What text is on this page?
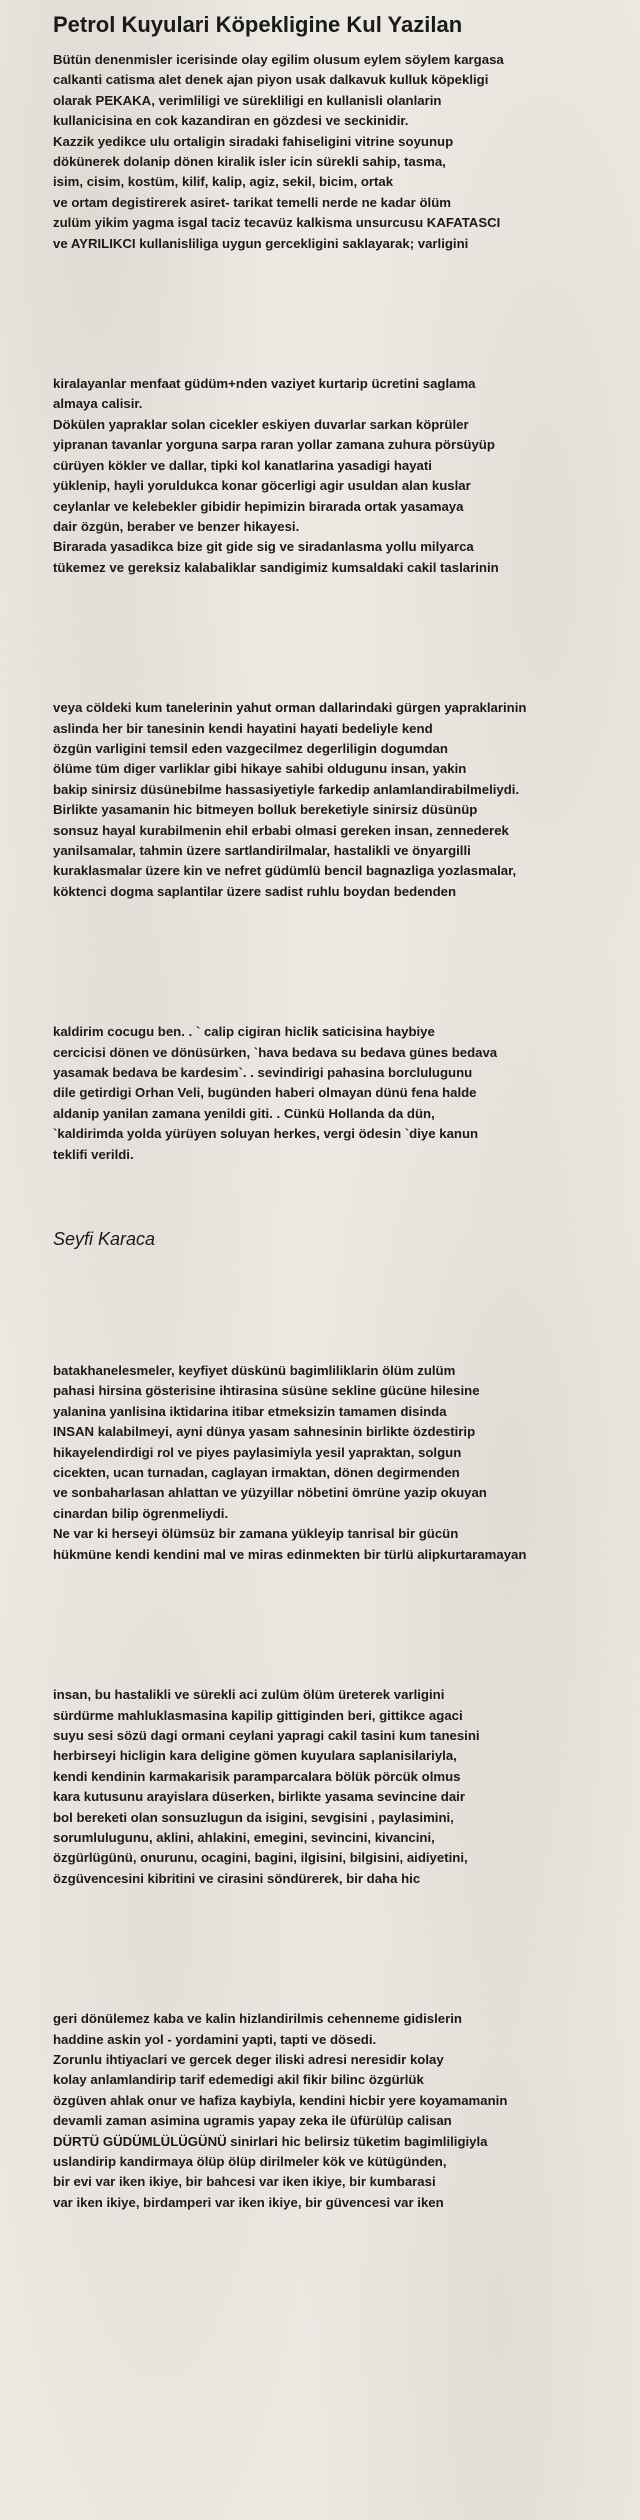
Petrol Kuyulari Köpekligine Kul Yazilan
Bütün denenmisler icerisinde olay egilim olusum eylem söylem kargasa
calkanti catisma alet denek ajan piyon usak dalkavuk kulluk köpekligi
olarak PEKAKA, verimliligi ve sürekliligi en kullanisli olanlarin
kullanicisina en cok kazandiran en gözdesi ve seckinidir.
Kazzik yedikce ulu ortaligin siradaki fahiseligini vitrine soyunup
dökünerek dolanip dönen kiralik isler icin sürekli sahip, tasma,
isim, cisim, kostüm, kilif, kalip, agiz, sekil, bicim, ortak
ve ortam degistirerek asiret- tarikat temelli nerde ne kadar ölüm
zulüm yikim yagma isgal taciz tecavüz kalkisma unsurcusu KAFATASCI
ve AYRILIKCI kullanisliliga uygun gercekligini saklayarak; varligini
kiralayanlar menfaat güdüm+nden vaziyet kurtarip ücretini saglama
almaya calisir.
Dökülen yapraklar solan cicekler eskiyen duvarlar sarkan köprüler
yipranan tavanlar yorguna sarpa raran yollar zamana zuhura pörsüyüp
cürüyen kökler ve dallar, tipki kol kanatlarina yasadigi hayati
yüklenip, hayli yoruldukca konar göcerligi agir usuldan alan kuslar
ceylanlar ve kelebekler gibidir hepimizin birarada ortak yasamaya
dair özgün, beraber ve benzer hikayesi.
Birarada yasadikca bize git gide sig ve siradanlasma yollu milyarca
tükemez ve gereksiz kalabaliklar sandigimiz kumsaldaki cakil taslarinin
veya cöldeki kum tanelerinin yahut orman dallarindaki gürgen yapraklarinin
aslinda her bir tanesinin kendi hayatini hayati bedeliyle kend
özgün varligini temsil eden vazgecilmez degerliligin dogumdan
ölüme tüm diger varliklar gibi hikaye sahibi oldugunu insan, yakin
bakip sinirsiz düsünebilme hassasiyetiyle farkedip anlamlandirabilmeliydi.
Birlikte yasamanin hic bitmeyen bolluk bereketiyle sinirsiz düsünüp
sonsuz hayal kurabilmenin ehil erbabi olmasi gereken insan, zennederek
yanilsamalar, tahmin üzere sartlandirilmalar, hastalikli ve önyargilli
kuraklasmalar üzere kin ve nefret güdümlü bencil bagnazliga yozlasmalar,
köktenci dogma saplantilar üzere sadist ruhlu boydan bedenden
kaldirim cocugu ben. . ` calip cigiran hiclik saticisina haybiye
cercicisi dönen ve dönüsürken, `hava bedava su bedava günes bedava
yasamak bedava be kardesim`. . sevindirigi pahasina borclulugunu
dile getirdigi Orhan Veli, bugünden haberi olmayan dünü fena halde
aldanip yanilan zamana yenildi giti. . Cünkü Hollanda da dün,
`kaldirimda yolda yürüyen soluyan herkes, vergi ödesin `diye kanun
teklifi verildi.

Seyfi Karaca

batakhanelesmeler, keyfiyet düskünü bagimliliklarin ölüm zulüm
pahasi hirsina gösterisine ihtirasina süsüne sekline gücüne hilesine
yalanina yanlisina iktidarina itibar etmeksizin tamamen disinda
INSAN kalabilmeyi, ayni dünya yasam sahnesinin birlikte özdestirip
hikayelendirdigi rol ve piyes paylasimiyla yesil yapraktan, solgun
cicekten, ucan turnadan, caglayan irmaktan, dönen degirmenden
ve sonbaharlasan ahlattan ve yüzyillar nöbetini ömrüne yazip okuyan
cinardan bilip ögrenmeliydi.
Ne var ki herseyi ölümsüz bir zamana yükleyip tanrisal bir gücün
hükmüne kendi kendini mal ve miras edinmekten bir türlü alipkurtaramayan
insan, bu hastalikli ve sürekli aci zulüm ölüm üreterek varligini
sürdürme mahluklasmasina kapilip gittiginden beri, gittikce agaci
suyu sesi sözü dagi ormani ceylani yapragi cakil tasini kum tanesini
herbirseyi hicligin kara deligine gömen kuyulara saplanisilariyla,
kendi kendinin karmakarisik paramparcalara bölük pörcük olmus
kara kutusunu arayislara düserken, birlikte yasama sevincine dair
bol bereketi olan sonsuzlugun da isigini, sevgisini , paylasimini,
sorumlulugunu, aklini, ahlakini, emegini, sevincini, kivancini,
özgürlügünü, onurunu, ocagini, bagini, ilgisini, bilgisini, aidiyetini,
özgüvencesini kibritini ve cirasini söndürerek, bir daha hic
geri dönülemez kaba ve kalin hizlandirilmis cehenneme gidislerin
haddine askin yol - yordamini yapti, tapti ve dösedi.
Zorunlu ihtiyaclari ve gercek deger iliski adresi neresidir kolay
kolay anlamlandirip tarif edemedigi akil fikir bilinc özgürlük
özgüven ahlak onur ve hafiza kaybiyla, kendini hicbir yere koyamamanin
devamli zaman asimina ugramis yapay zeka ile üfürülüp calisan
DÜRTÜ GÜDÜMLÜLÜGÜNÜ sinirlari hic belirsiz tüketim bagimliligiyla
uslandirip kandirmaya ölüp ölüp dirilmeler kök ve kütügünden,
bir evi var iken ikiye, bir bahcesi var iken ikiye, bir kumbarasi
var iken ikiye, birdamperi var iken ikiye, bir güvencesi var iken
